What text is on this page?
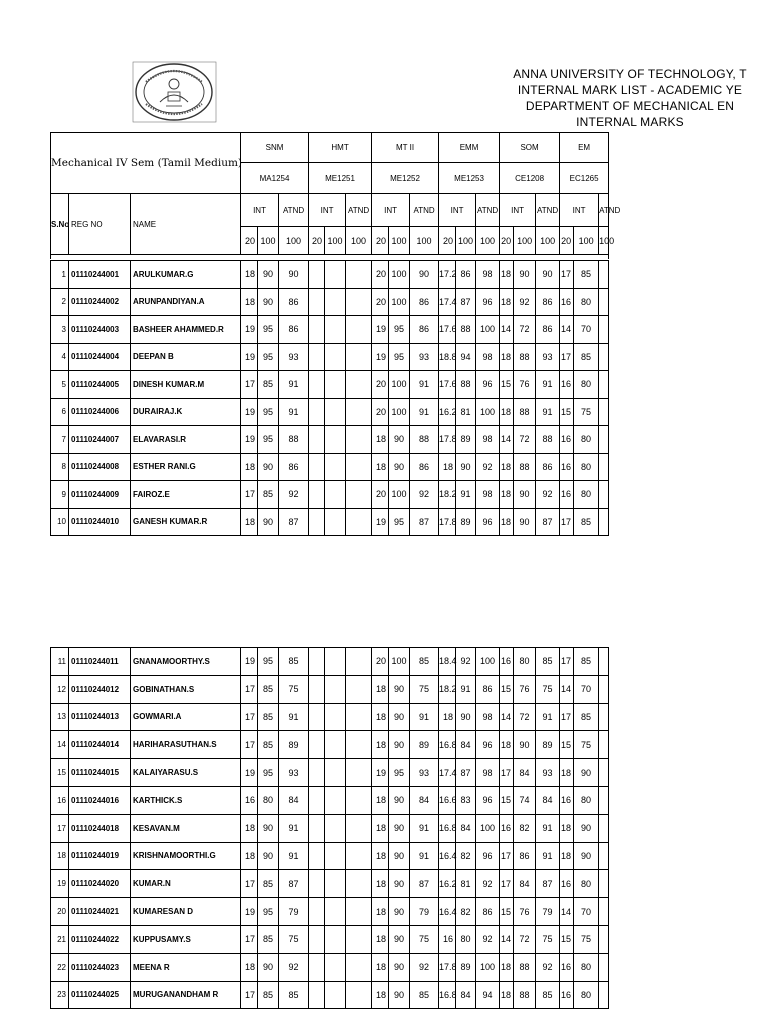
ANNA UNIVERSITY OF TECHNOLOGY, T
INTERNAL MARK LIST - ACADEMIC YE
DEPARTMENT OF MECHANICAL EN
INTERNAL MARKS
Mechanical IV Sem (Tamil Medium)			SNM			HMT			MT II			EMM			SOM			EM		
			MA1254			ME1251			ME1252			ME1253			CE1208			EC1265		
S.No	REG NO	NAME	INT		ATND	INT		ATND	INT		ATND	INT		ATND	INT		ATND	INT		ATND
			20	100	100	20	100	100	20	100	100	20	100	100	20	100	100	20	100	100

1	01110244001	ARULKUMAR.G	18	90	90				20	100	90	17.2	86	98	18	90	90	17	85	
2	01110244002	ARUNPANDIYAN.A	18	90	86				20	100	86	17.4	87	96	18	92	86	16	80	
3	01110244003	BASHEER AHAMMED.R	19	95	86				19	95	86	17.6	88	100	14	72	86	14	70	
4	01110244004	DEEPAN B	19	95	93				19	95	93	18.8	94	98	18	88	93	17	85	
5	01110244005	DINESH KUMAR.M	17	85	91				20	100	91	17.6	88	96	15	76	91	16	80	
6	01110244006	DURAIRAJ.K	19	95	91				20	100	91	16.2	81	100	18	88	91	15	75	
7	01110244007	ELAVARASI.R	19	95	88				18	90	88	17.8	89	98	14	72	88	16	80	
8	01110244008	ESTHER RANI.G	18	90	86				18	90	86	18	90	92	18	88	86	16	80	
9	01110244009	FAIROZ.E	17	85	92				20	100	92	18.2	91	98	18	90	92	16	80	
10	01110244010	GANESH KUMAR.R	18	90	87				19	95	87	17.8	89	96	18	90	87	17	85	
11	01110244011	GNANAMOORTHY.S	19	95	85				20	100	85	18.4	92	100	16	80	85	17	85	
12	01110244012	GOBINATHAN.S	17	85	75				18	90	75	18.2	91	86	15	76	75	14	70	
13	01110244013	GOWMARI.A	17	85	91				18	90	91	18	90	98	14	72	91	17	85	
14	01110244014	HARIHARASUTHAN.S	17	85	89				18	90	89	16.8	84	96	18	90	89	15	75	
15	01110244015	KALAIYARASU.S	19	95	93				19	95	93	17.4	87	98	17	84	93	18	90	
16	01110244016	KARTHICK.S	16	80	84				18	90	84	16.6	83	96	15	74	84	16	80	
17	01110244018	KESAVAN.M	18	90	91				18	90	91	16.8	84	100	16	82	91	18	90	
18	01110244019	KRISHNAMOORTHI.G	18	90	91				18	90	91	16.4	82	96	17	86	91	18	90	
19	01110244020	KUMAR.N	17	85	87				18	90	87	16.2	81	92	17	84	87	16	80	
20	01110244021	KUMARESAN D	19	95	79				18	90	79	16.4	82	86	15	76	79	14	70	
21	01110244022	KUPPUSAMY.S	17	85	75				18	90	75	16	80	92	14	72	75	15	75	
22	01110244023	MEENA R	18	90	92				18	90	92	17.8	89	100	18	88	92	16	80	
23	01110244025	MURUGANANDHAM R	17	85	85				18	90	85	16.8	84	94	18	88	85	16	80	
